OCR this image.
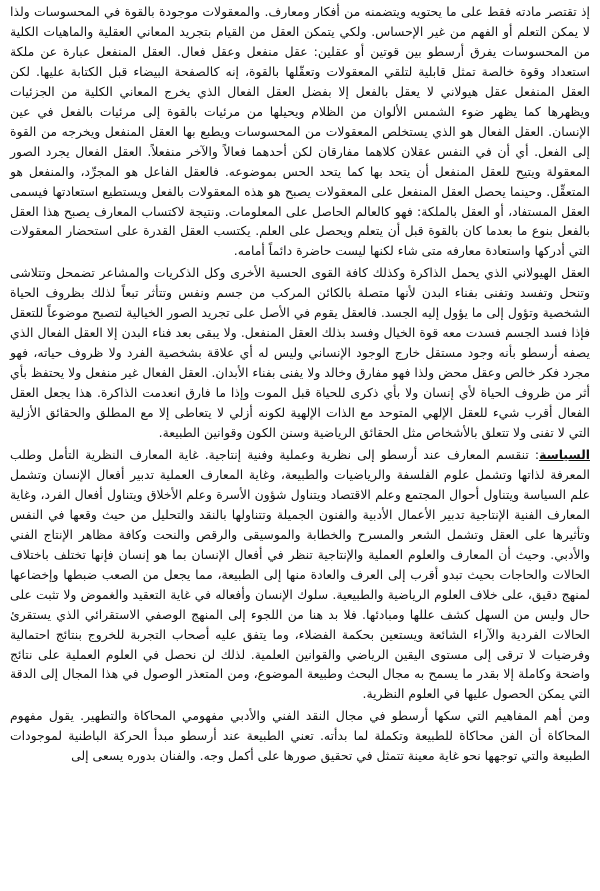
إذ تقتصر مادته فقط على ما يحتويه ويتضمنه من أفكار ومعارف. والمعقولات موجودة بالقوة في المحسوسات ولذا لا يمكن التعلم أو الفهم من غير الإحساس. ولكي يتمكن العقل من القيام بتجريد المعاني العقلية والماهيات الكلية من المحسوسات يفرق أرسطو بين قوتين أو عقلين: عقل منفعل وعقل فعال. العقل المنفعل عبارة عن ملكة استعداد وقوة خالصة تمثل قابلية لتلقي المعقولات وتعقّلها بالقوة، إنه كالصفحة البيضاء قبل الكتابة عليها. لكن العقل المنفعل عقل هيولاني لا يعقل بالفعل إلا بفضل العقل الفعال الذي يخرج المعاني الكلية من الجزئيات ويظهرها كما يظهر ضوء الشمس الألوان من الظلام ويحيلها من مرئيات بالقوة إلى مرئيات بالفعل في عين الإنسان. العقل الفعال هو الذي يستخلص المعقولات من المحسوسات ويطبع بها العقل المنفعل ويخرجه من القوة إلى الفعل. أي أن في النفس عقلان كلاهما مفارقان لكن أحدهما فعالاً والآخر منفعلاً. العقل الفعال يجرد الصور المعقولة ويتيح للعقل المنفعل أن يتحد بها كما يتحد الحس بموضوعه. فالعقل الفاعل هو المجرِّد، والمنفعل هو المتعقِّل. وحينما يحصل العقل المنفعل على المعقولات يصبح هو هذه المعقولات بالفعل ويستطيع استعادتها فيسمى العقل المستفاد، أو العقل بالملكة: فهو كالعالم الحاصل على المعلومات. ونتيجة لاكتساب المعارف يصبح هذا العقل بالفعل بنوع ما بعدما كان بالقوة قبل أن يتعلم ويحصل على العلم. يكتسب العقل القدرة على استحضار المعقولات التي أدركها واستعادة معارفه متى شاء لكنها ليست حاضرة دائماً أمامه.

العقل الهيولاني الذي يحمل الذاكرة وكذلك كافة القوى الحسية الأخرى وكل الذكريات والمشاعر تضمحل وتتلاشى وتنحل وتفسد وتفنى بفناء البدن لأنها متصلة بالكائن المركب من جسم ونفس وتتأثر تبعاً لذلك بظروف الحياة الشخصية وتؤول إلى ما يؤول إليه الجسد. فالعقل يقوم في الأصل على تجريد الصور الخيالية لتصبح موضوعاً للتعقل فإذا فسد الجسم فسدت معه قوة الخيال وفسد بذلك العقل المنفعل. ولا يبقى بعد فناء البدن إلا العقل الفعال الذي يصفه أرسطو بأنه وجود مستقل خارج الوجود الإنساني وليس له أي علاقة بشخصية الفرد ولا ظروف حياته، فهو مجرد فكر خالص وعقل محض ولذا فهو مفارق وخالد ولا يفنى بفناء الأبدان. العقل الفعال غير منفعل ولا يحتفظ بأي أثر من ظروف الحياة لأي إنسان ولا بأي ذكرى للحياة قبل الموت وإذا ما فارق انعدمت الذاكرة. هذا يجعل العقل الفعال أقرب شيء للعقل الإلهي المتوحد مع الذات الإلهية لكونه أزلي لا يتعاطى إلا مع المطلق والحقائق الأزلية التي لا تفنى ولا تتعلق بالأشخاص مثل الحقائق الرياضية وسنن الكون وقوانين الطبيعة.

السياسة: تنقسم المعارف عند أرسطو إلى نظرية وعملية وفنية إنتاجية. غاية المعارف النظرية التأمل وطلب المعرفة لذاتها وتشمل علوم الفلسفة والرياضيات والطبيعة، وغاية المعارف العملية تدبير أفعال الإنسان وتشمل علم السياسة ويتناول أحوال المجتمع وعلم الاقتصاد ويتناول شؤون الأسرة وعلم الأخلاق ويتناول أفعال الفرد، وغاية المعارف الفنية الإنتاجية تدبير الأعمال الأدبية والفنون الجميلة وتتناولها بالنقد والتحليل من حيث وقعها في النفس وتأثيرها على العقل وتشمل الشعر والمسرح والخطابة والموسيقى والرقص والنحت وكافة مظاهر الإنتاج الفني والأدبي. وحيث أن المعارف والعلوم العملية والإنتاجية تنظر في أفعال الإنسان بما هو إنسان فإنها تختلف باختلاف الحالات والحاجات بحيث تبدو أقرب إلى العرف والعادة منها إلى الطبيعة، مما يجعل من الصعب ضبطها وإخضاعها لمنهج دقيق، على خلاف العلوم الرياضية والطبيعية. سلوك الإنسان وأفعاله في غاية التعقيد والغموض ولا تثبت على حال وليس من السهل كشف عللها ومبادئها. فلا بد هنا من اللجوء إلى المنهج الوصفي الاستقرائي الذي يستقرئ الحالات الفردية والآراء الشائعة ويستعين بحكمة الفضلاء، وما يتفق عليه أصحاب التجربة للخروج بنتائج احتمالية وفرضيات لا ترقى إلى مستوى اليقين الرياضي والقوانين العلمية. لذلك لن نحصل في العلوم العملية على نتائج واضحة وكاملة إلا بقدر ما يسمح به مجال البحث وطبيعة الموضوع، ومن المتعذر الوصول في هذا المجال إلى الدقة التي يمكن الحصول عليها في العلوم النظرية.

ومن أهم المفاهيم التي سكها أرسطو في مجال النقد الفني والأدبي مفهومي المحاكاة والتطهير. يقول مفهوم المحاكاة أن الفن محاكاة للطبيعة وتكملة لما بدأته. تعني الطبيعة عند أرسطو مبدأ الحركة الباطنية لموجودات الطبيعة والتي توجهها نحو غاية معينة تتمثل في تحقيق صورها على أكمل وجه. والفنان بدوره يسعى إلى
